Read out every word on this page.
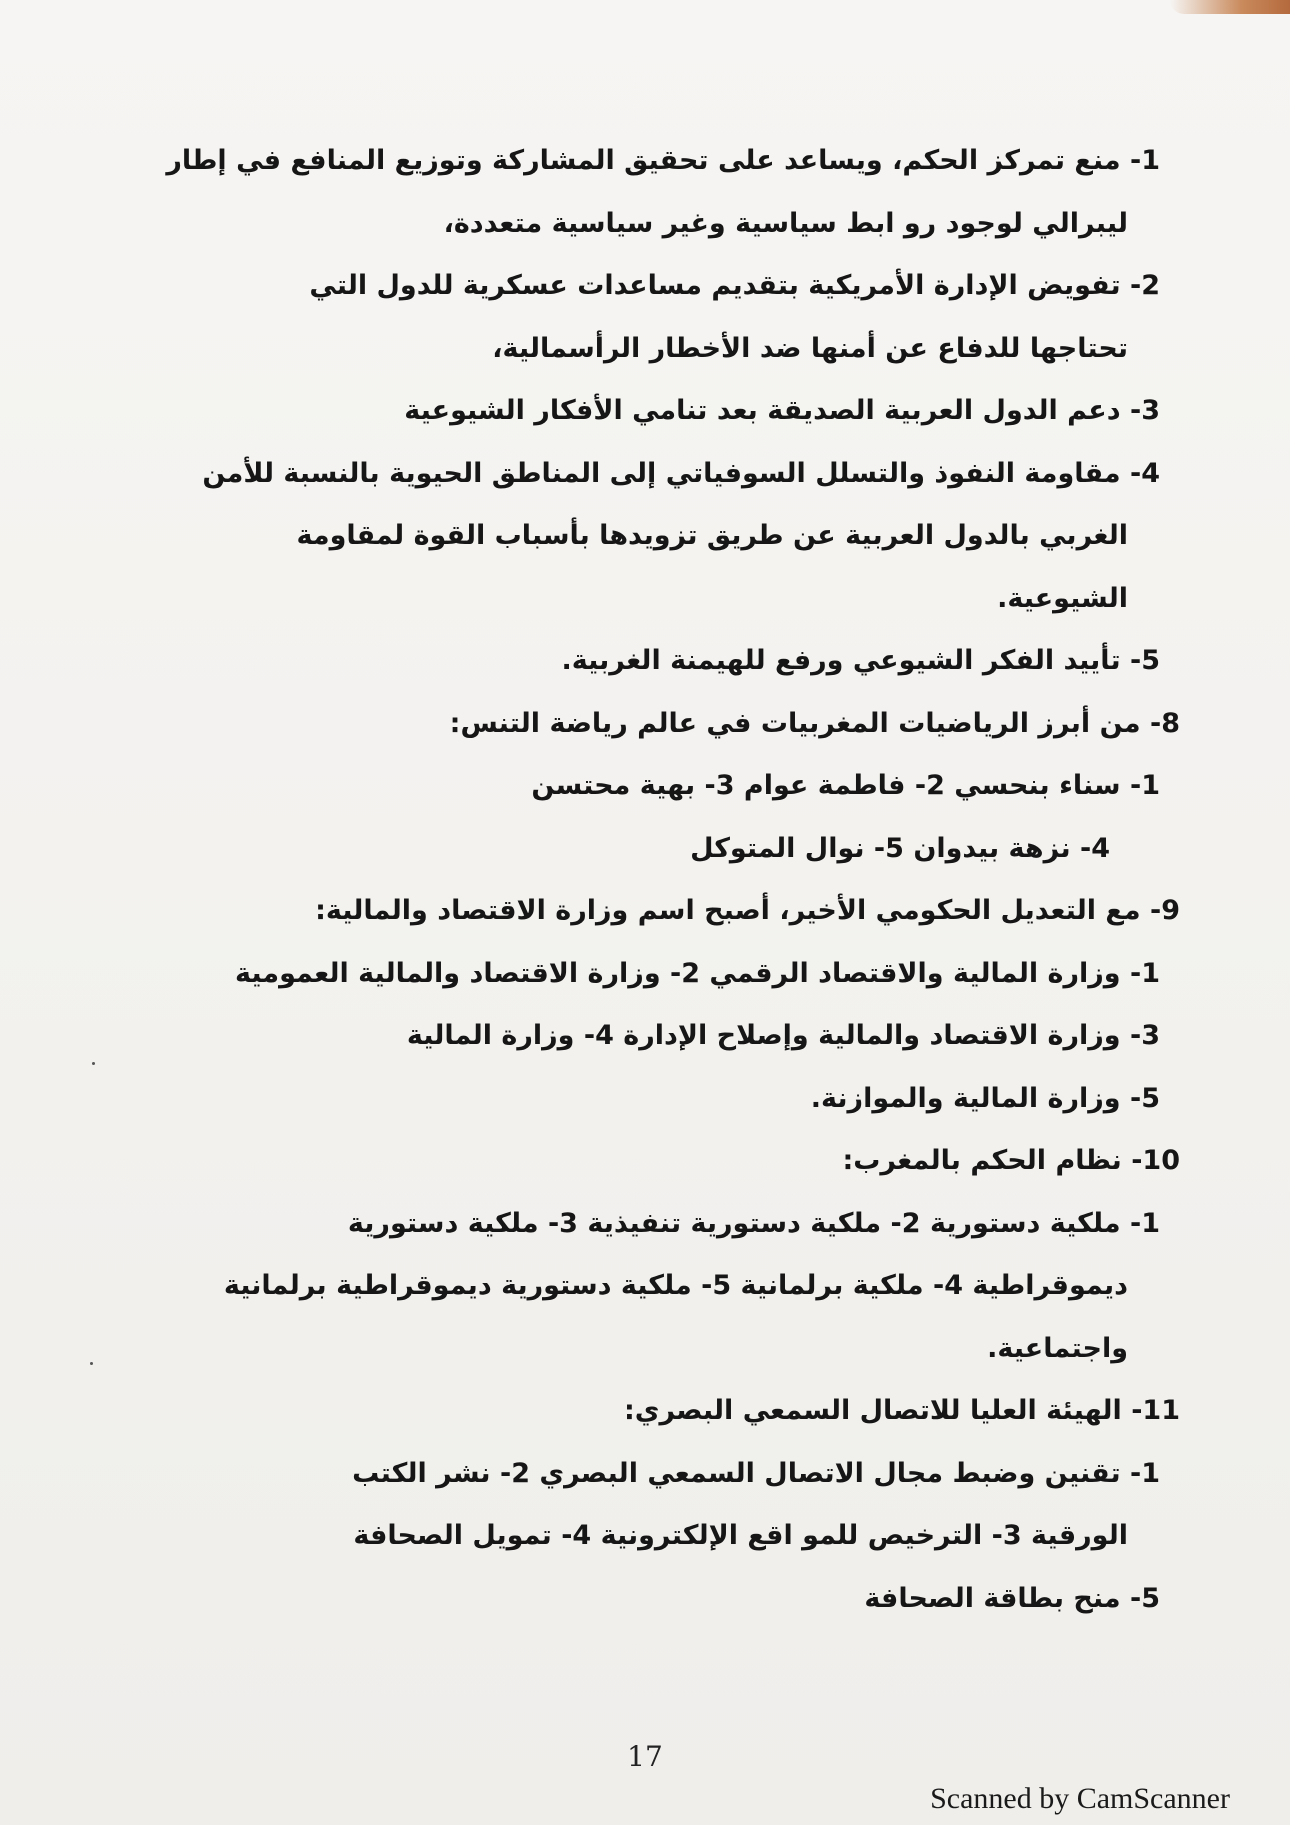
1- منع تمركز الحكم، ويساعد على تحقيق المشاركة وتوزيع المنافع في إطار
ليبرالي لوجود رو ابط سياسية وغير سياسية متعددة،
2- تفويض الإدارة الأمريكية بتقديم مساعدات عسكرية للدول التي
تحتاجها للدفاع عن أمنها ضد الأخطار الرأسمالية،
3- دعم الدول العربية الصديقة بعد تنامي الأفكار الشيوعية
4- مقاومة النفوذ والتسلل السوفياتي إلى المناطق الحيوية بالنسبة للأمن
الغربي بالدول العربية عن طريق تزويدها بأسباب القوة لمقاومة
الشيوعية.
5- تأييد الفكر الشيوعي ورفع للهيمنة الغربية.
8- من أبرز الرياضيات المغربيات في عالم رياضة التنس:
1- سناء بنحسي 2- فاطمة عوام 3- بهية محتسن
4- نزهة بيدوان 5- نوال المتوكل
9- مع التعديل الحكومي الأخير، أصبح اسم وزارة الاقتصاد والمالية:
1- وزارة المالية والاقتصاد الرقمي 2- وزارة الاقتصاد والمالية العمومية
3- وزارة الاقتصاد والمالية وإصلاح الإدارة 4- وزارة المالية
5- وزارة المالية والموازنة.
10- نظام الحكم بالمغرب:
1- ملكية دستورية 2- ملكية دستورية تنفيذية 3- ملكية دستورية
ديموقراطية 4- ملكية برلمانية 5- ملكية دستورية ديموقراطية برلمانية
واجتماعية.
11- الهيئة العليا للاتصال السمعي البصري:
1- تقنين وضبط مجال الاتصال السمعي البصري 2- نشر الكتب
الورقية 3- الترخيص للمو اقع الإلكترونية 4- تمويل الصحافة
5- منح بطاقة الصحافة
17
Scanned by CamScanner
